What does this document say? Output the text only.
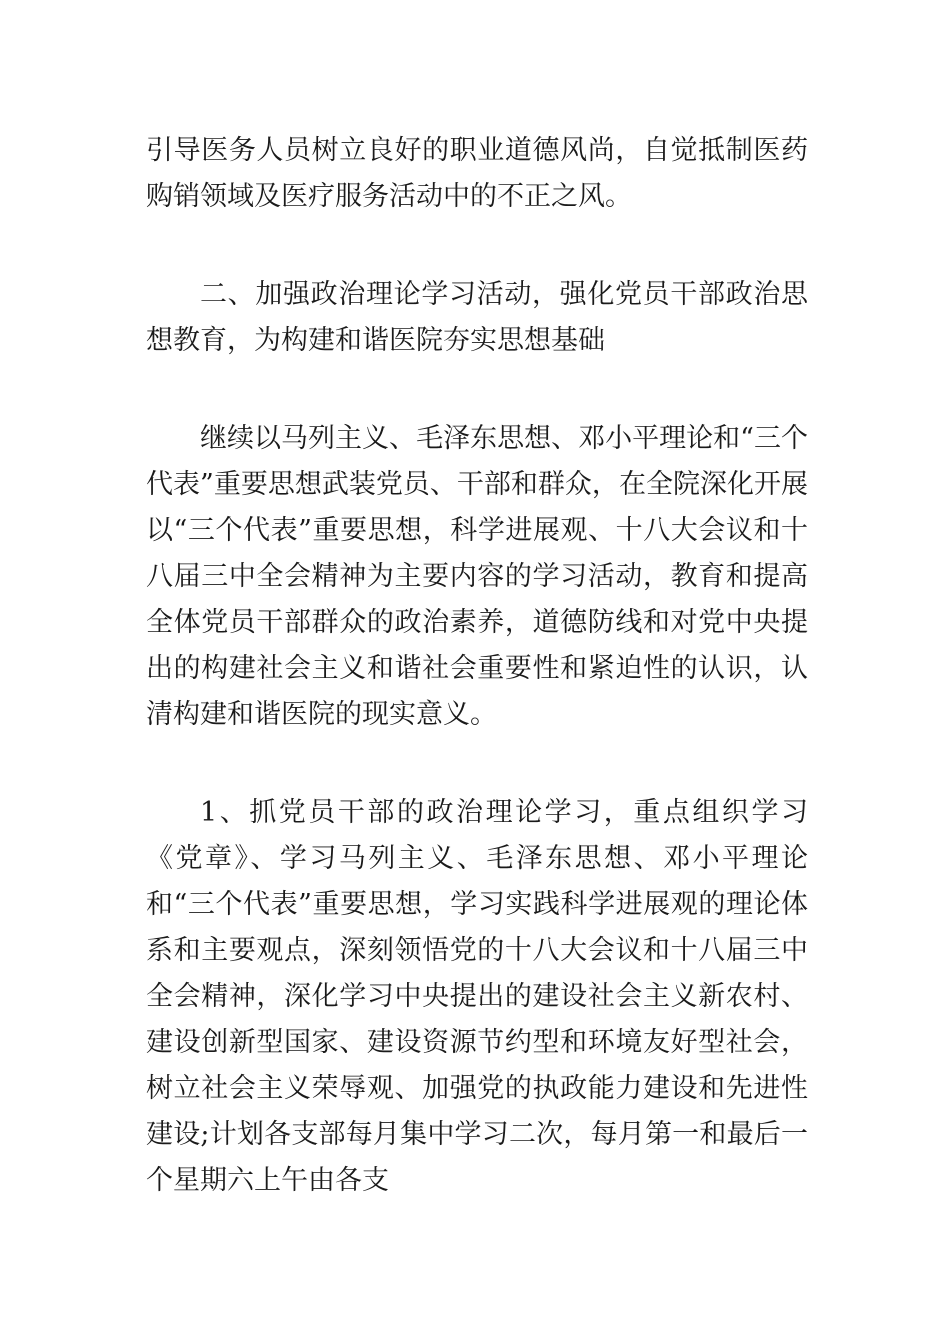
引导医务人员树立良好的职业道德风尚，自觉抵制医药购销领域及医疗服务活动中的不正之风。

二、加强政治理论学习活动，强化党员干部政治思想教育，为构建和谐医院夯实思想基础

继续以马列主义、毛泽东思想、邓小平理论和“三个代表”重要思想武装党员、干部和群众，在全院深化开展以“三个代表”重要思想，科学进展观、十八大会议和十八届三中全会精神为主要内容的学习活动，教育和提高全体党员干部群众的政治素养，道德防线和对党中央提出的构建社会主义和谐社会重要性和紧迫性的认识，认清构建和谐医院的现实意义。

1、抓党员干部的政治理论学习，重点组织学习《党章》、学习马列主义、毛泽东思想、邓小平理论和“三个代表”重要思想，学习实践科学进展观的理论体系和主要观点，深刻领悟党的十八大会议和十八届三中全会精神，深化学习中央提出的建设社会主义新农村、建设创新型国家、建设资源节约型和环境友好型社会，树立社会主义荣辱观、加强党的执政能力建设和先进性建设;计划各支部每月集中学习二次，每月第一和最后一个星期六上午由各支
